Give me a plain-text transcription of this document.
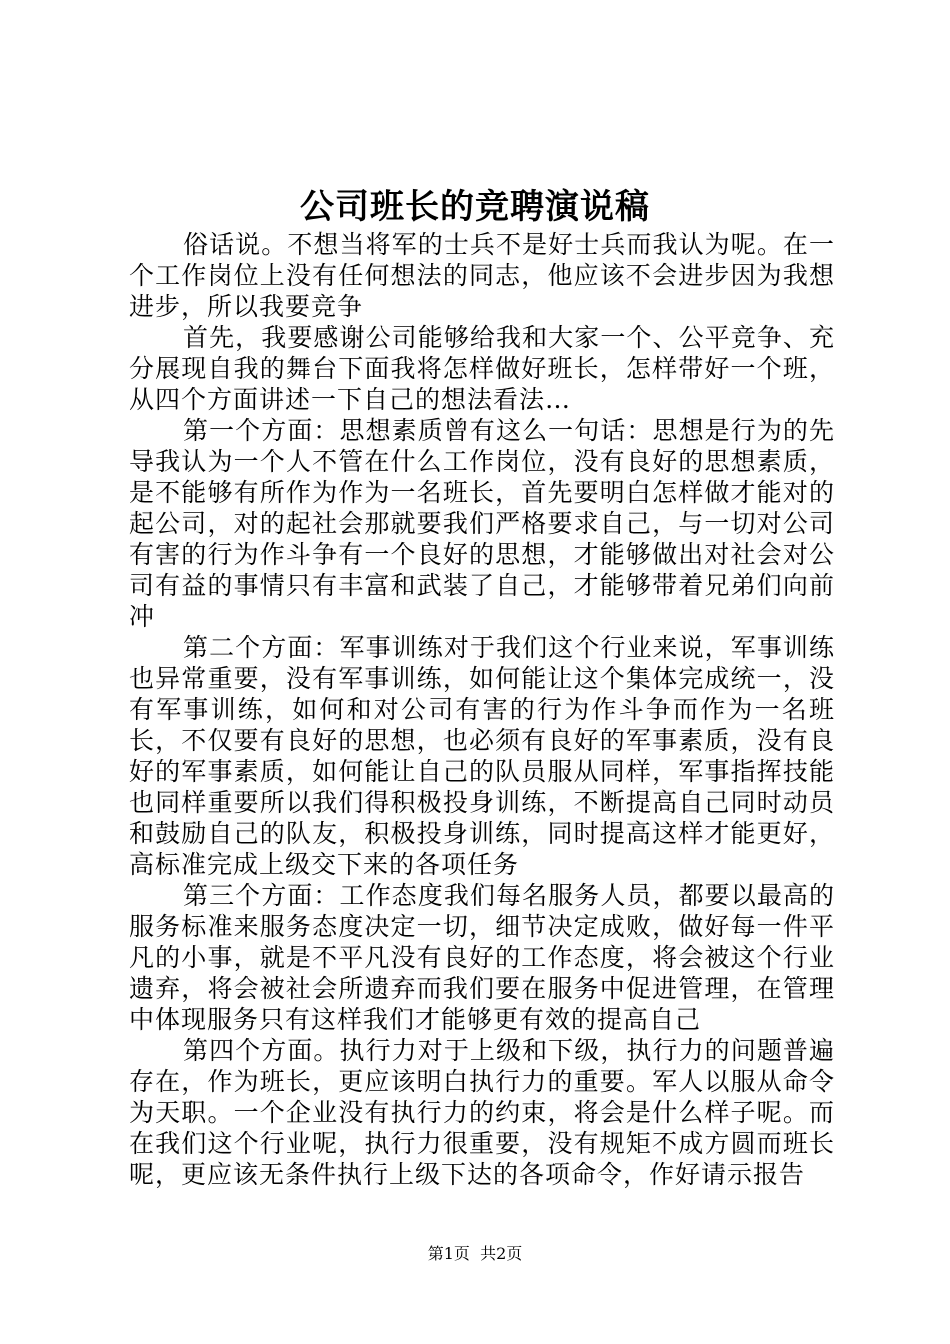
公司班长的竞聘演说稿

俗话说。不想当将军的士兵不是好士兵而我认为呢。在一个工作岗位上没有任何想法的同志，他应该不会进步因为我想进步，所以我要竞争

首先，我要感谢公司能够给我和大家一个、公平竞争、充分展现自我的舞台下面我将怎样做好班长，怎样带好一个班，从四个方面讲述一下自己的想法看法…

第一个方面：思想素质曾有这么一句话：思想是行为的先导我认为一个人不管在什么工作岗位，没有良好的思想素质，是不能够有所作为作为一名班长，首先要明白怎样做才能对的起公司，对的起社会那就要我们严格要求自己，与一切对公司有害的行为作斗争有一个良好的思想，才能够做出对社会对公司有益的事情只有丰富和武装了自己，才能够带着兄弟们向前冲

第二个方面：军事训练对于我们这个行业来说，军事训练也异常重要，没有军事训练，如何能让这个集体完成统一，没有军事训练，如何和对公司有害的行为作斗争而作为一名班长，不仅要有良好的思想，也必须有良好的军事素质，没有良好的军事素质，如何能让自己的队员服从同样，军事指挥技能也同样重要所以我们得积极投身训练，不断提高自己同时动员和鼓励自己的队友，积极投身训练，同时提高这样才能更好，高标准完成上级交下来的各项任务

第三个方面：工作态度我们每名服务人员，都要以最高的服务标准来服务态度决定一切，细节决定成败，做好每一件平凡的小事，就是不平凡没有良好的工作态度，将会被这个行业遗弃，将会被社会所遗弃而我们要在服务中促进管理，在管理中体现服务只有这样我们才能够更有效的提高自己

第四个方面。执行力对于上级和下级，执行力的问题普遍存在，作为班长，更应该明白执行力的重要。军人以服从命令为天职。一个企业没有执行力的约束，将会是什么样子呢。而在我们这个行业呢，执行力很重要，没有规矩不成方圆而班长呢，更应该无条件执行上级下达的各项命令，作好请示报告

第1页  共2页
